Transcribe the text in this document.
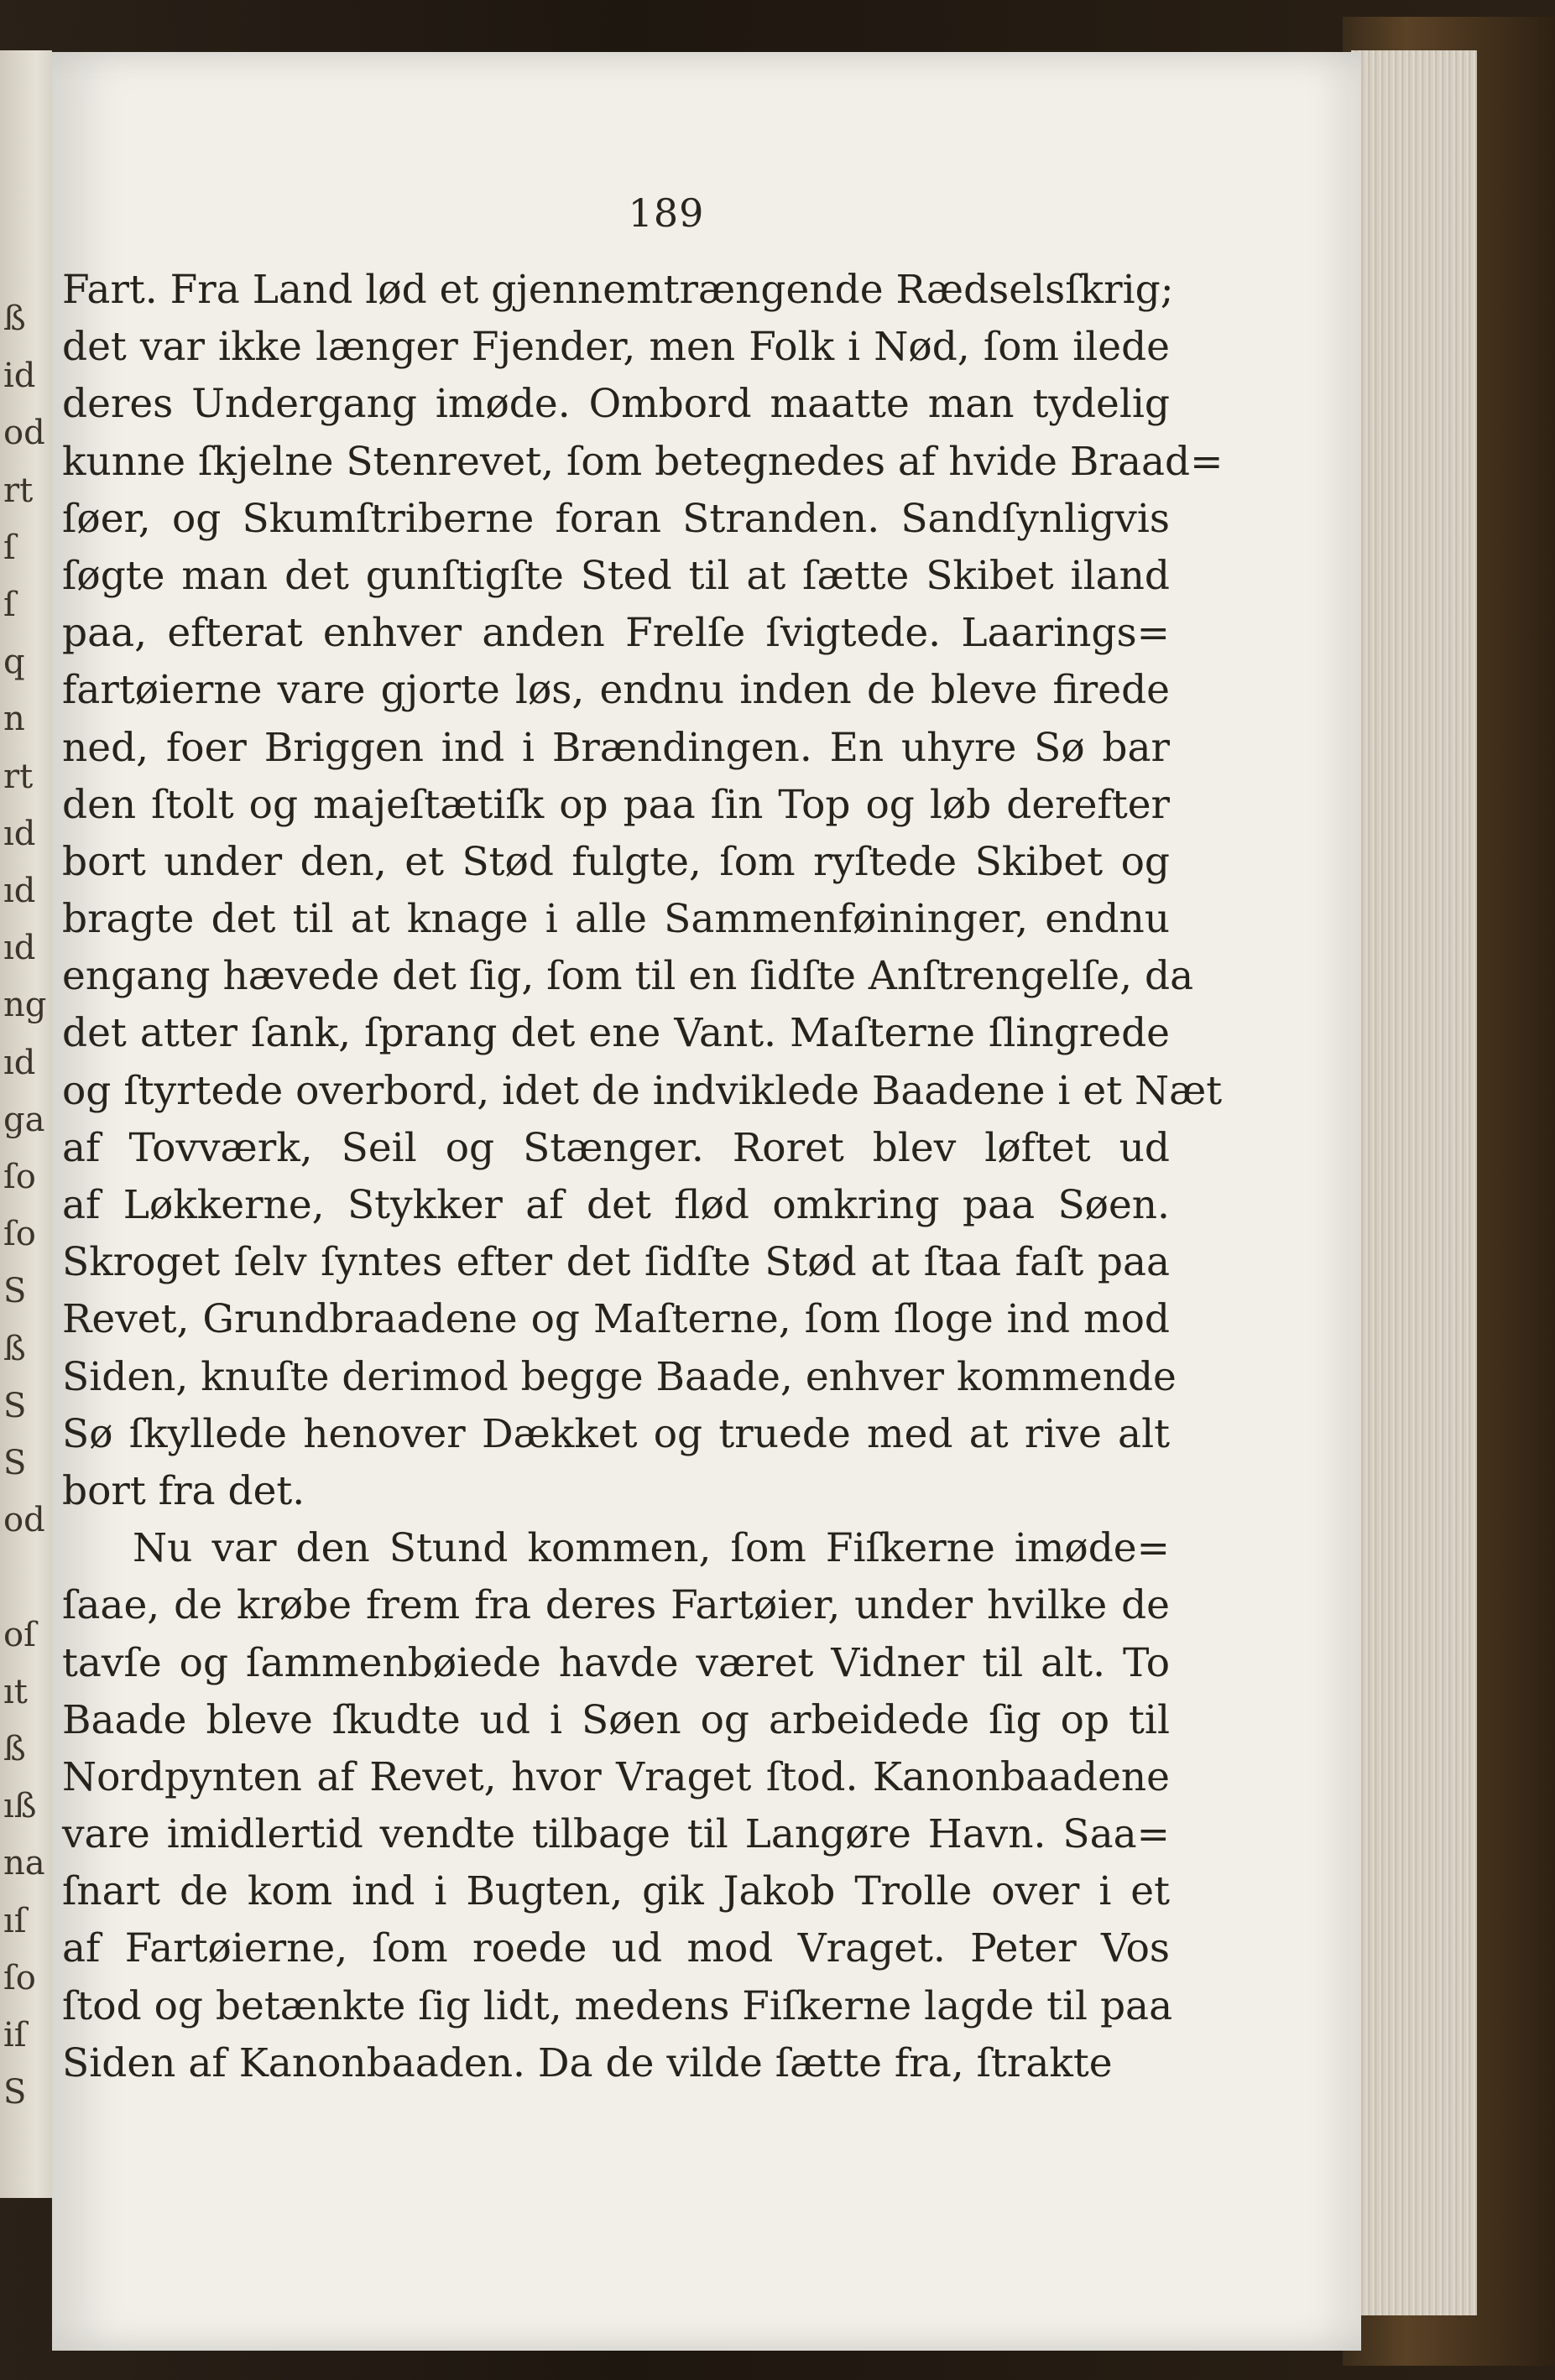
ß
id
od
rt
ſ
ſ
q
n
rt
ıd
ıd
ıd
ng
ıd
ga
ſo
ſo
S
ß
S
S
od
oſ
ıt
ß
ıß
na
ıſ
ſo
iſ
S
189
Fart. Fra Land lød et gjennemtrængende Rædselsſkrig;
det var ikke længer Fjender, men Folk i Nød, ſom ilede
deres Undergang imøde. Ombord maatte man tydelig
kunne ſkjelne Stenrevet, ſom betegnedes af hvide Braad=
ſøer, og Skumſtriberne foran Stranden. Sandſynligvis
ſøgte man det gunſtigſte Sted til at ſætte Skibet iland
paa, efterat enhver anden Frelſe ſvigtede. Laarings=
fartøierne vare gjorte løs, endnu inden de bleve firede
ned, foer Briggen ind i Brændingen. En uhyre Sø bar
den ſtolt og majeſtætiſk op paa ſin Top og løb derefter
bort under den, et Stød fulgte, ſom ryſtede Skibet og
bragte det til at knage i alle Sammenføininger, endnu
engang hævede det ſig, ſom til en ſidſte Anſtrengelſe, da
det atter ſank, ſprang det ene Vant. Maſterne ſlingrede
og ſtyrtede overbord, idet de indviklede Baadene i et Næt
af Tovværk, Seil og Stænger. Roret blev løftet ud
af Løkkerne, Stykker af det flød omkring paa Søen.
Skroget ſelv ſyntes efter det ſidſte Stød at ſtaa faſt paa
Revet, Grundbraadene og Maſterne, ſom ſloge ind mod
Siden, knuſte derimod begge Baade, enhver kommende
Sø ſkyllede henover Dækket og truede med at rive alt
bort fra det.
Nu var den Stund kommen, ſom Fiſkerne imøde=
ſaae, de krøbe frem fra deres Fartøier, under hvilke de
tavſe og ſammenbøiede havde været Vidner til alt. To
Baade bleve ſkudte ud i Søen og arbeidede ſig op til
Nordpynten af Revet, hvor Vraget ſtod. Kanonbaadene
vare imidlertid vendte tilbage til Langøre Havn. Saa=
ſnart de kom ind i Bugten, gik Jakob Trolle over i et
af Fartøierne, ſom roede ud mod Vraget. Peter Vos
ſtod og betænkte ſig lidt, medens Fiſkerne lagde til paa
Siden af Kanonbaaden. Da de vilde ſætte fra, ſtrakte
